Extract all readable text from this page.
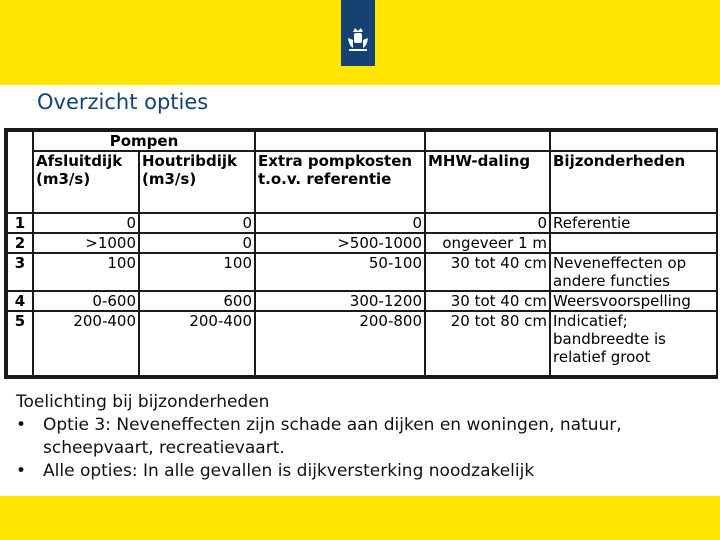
Overzicht opties
	Pompen				
	Afsluitdijk (m3/s)	Houtribdijk (m3/s)	Extra pompkosten t.o.v. referentie	MHW-daling	Bijzonderheden
1	0	0	0	0	Referentie
2	>1000	0	>500-1000	ongeveer 1 m	
3	100	100	50-100	30 tot 40 cm	Neveneffecten op andere functies
4	0-600	600	300-1200	30 tot 40 cm	Weersvoorspelling
5	200-400	200-400	200-800	20 tot 80 cm	Indicatief; bandbreedte is relatief groot
Toelichting bij bijzonderheden
• Optie 3: Neveneffecten zijn schade aan dijken en woningen, natuur, scheepvaart, recreatievaart.
• Alle opties: In alle gevallen is dijkversterking noodzakelijk
